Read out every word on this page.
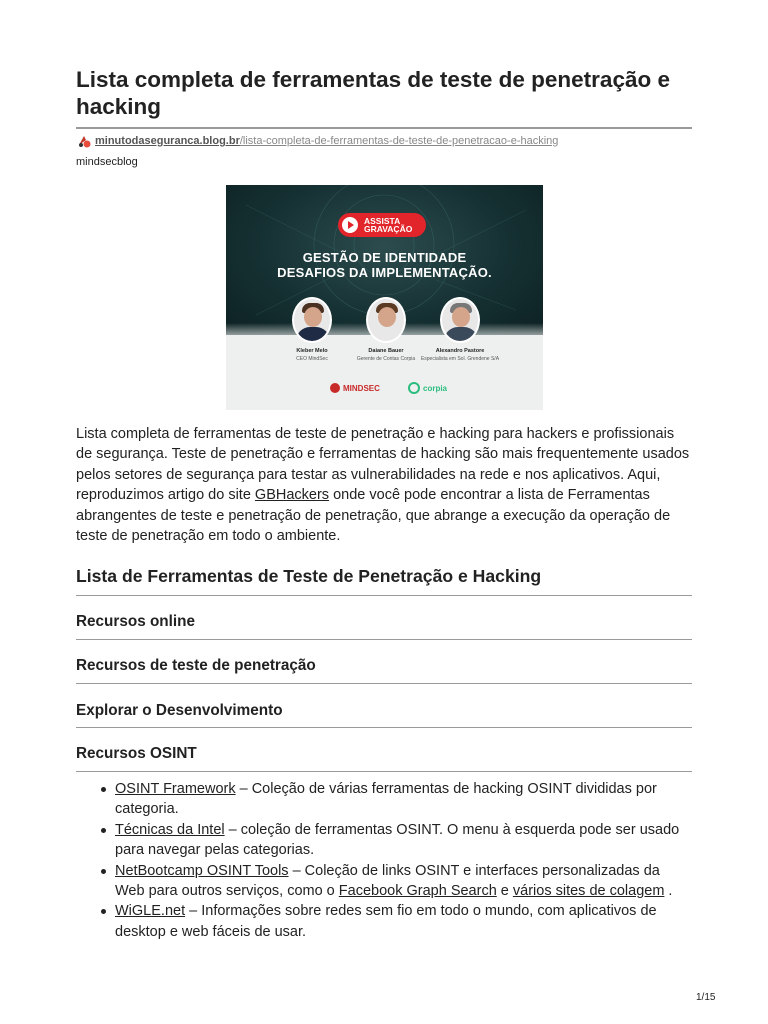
Lista completa de ferramentas de teste de penetração e hacking
minutodaseguranca.blog.br /lista-completa-de-ferramentas-de-teste-de-penetracao-e-hacking
mindsecblog
ASSISTA
GRAVAÇÃO
GESTÃO DE IDENTIDADE
DESAFIOS DA IMPLEMENTAÇÃO.
Kleber Melo
CEO MindSec
Daiane Bauer
Gerente de Contas Corpia
Alexandro Pastore
Especialista em Sol. Grendene S/A
MINDSEC	corpia

Lista completa de ferramentas de teste de penetração e hacking para hackers e profissionais de segurança. Teste de penetração e ferramentas de hacking são mais frequentemente usados pelos setores de segurança para testar as vulnerabilidades na rede e nos aplicativos. Aqui, reproduzimos artigo do site GBHackers onde você pode encontrar a lista de Ferramentas abrangentes de teste e penetração de penetração, que abrange a execução da operação de teste de penetração em todo o ambiente.

Lista de Ferramentas de Teste de Penetração e Hacking
Recursos online
Recursos de teste de penetração
Explorar o Desenvolvimento
Recursos OSINT
OSINT Framework – Coleção de várias ferramentas de hacking OSINT divididas por categoria.
Técnicas da Intel – coleção de ferramentas OSINT. O menu à esquerda pode ser usado para navegar pelas categorias.
NetBootcamp OSINT Tools – Coleção de links OSINT e interfaces personalizadas da Web para outros serviços, como o Facebook Graph Search e vários sites de colagem .
WiGLE.net – Informações sobre redes sem fio em todo o mundo, com aplicativos de desktop e web fáceis de usar.
1/15
